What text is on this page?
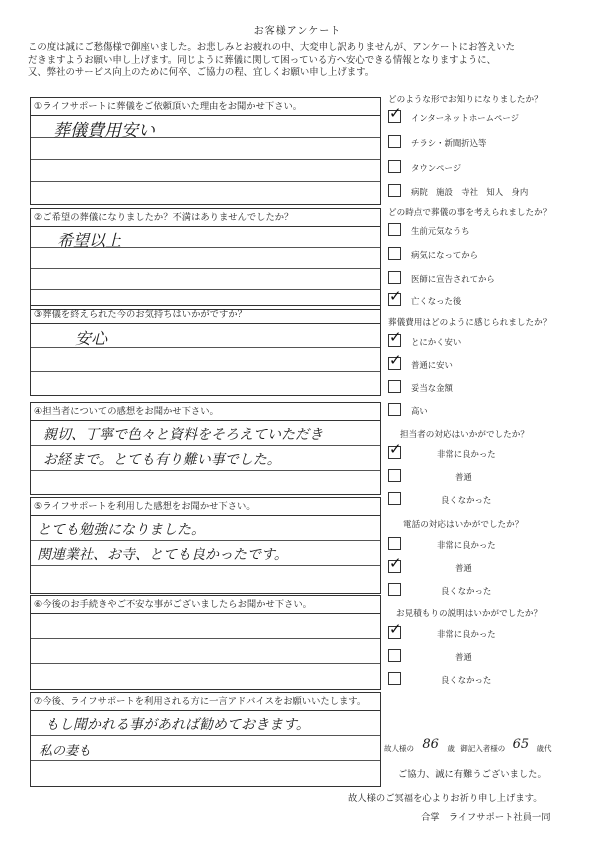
お客様アンケート
この度は誠にご愁傷様で御座いました。お悲しみとお疲れの中、大変申し訳ありませんが、アンケートにお答えいた
だきますようお願い申し上げます。同じように葬儀に関して困っている方へ安心できる情報となりますように、
又、弊社のサービス向上のために何卒、ご協力の程、宜しくお願い申し上げます。
①ライフサポートに葬儀をご依頼頂いた理由をお聞かせ下さい。
葬儀費用安い
②ご希望の葬儀になりましたか？不満はありませんでしたか？
希望以上
③葬儀を終えられた今のお気持ちはいかがですか？
安心
④担当者についての感想をお聞かせ下さい。
親切、丁寧で色々と資料をそろえていただき
お経まで。とても有り難い事でした。
⑤ライフサポートを利用した感想をお聞かせ下さい。
とても勉強になりました。
関連業社、お寺、とても良かったです。
⑥今後のお手続きやご不安な事がございましたらお聞かせ下さい。
⑦今後、ライフサポートを利用される方に一言アドバイスをお願いいたします。
もし聞かれる事があれば勧めておきます。
私の妻も
どのような形でお知りになりましたか？
✓ インターネットホームページ
チラシ・新聞折込等
タウンページ
病院　施設　寺社　知人　身内
どの時点で葬儀の事を考えられましたか？
生前元気なうち
病気になってから
医師に宣告されてから
✓ 亡くなった後
葬儀費用はどのように感じられましたか？
✓ とにかく安い
✓ 普通に安い
妥当な金額
高い
担当者の対応はいかがでしたか？
✓	非常に良かった
普通
良くなかった
電話の対応はいかがでしたか？
非常に良かった
✓	普通
良くなかった
お見積もりの説明はいかがでしたか？
✓	非常に良かった
普通
良くなかった
故人様の 86 歳 御記入者様の 65 歳代
ご協力、誠に有難うございました。
故人様のご冥福を心よりお祈り申し上げます。
合掌　ライフサポート社員一同
